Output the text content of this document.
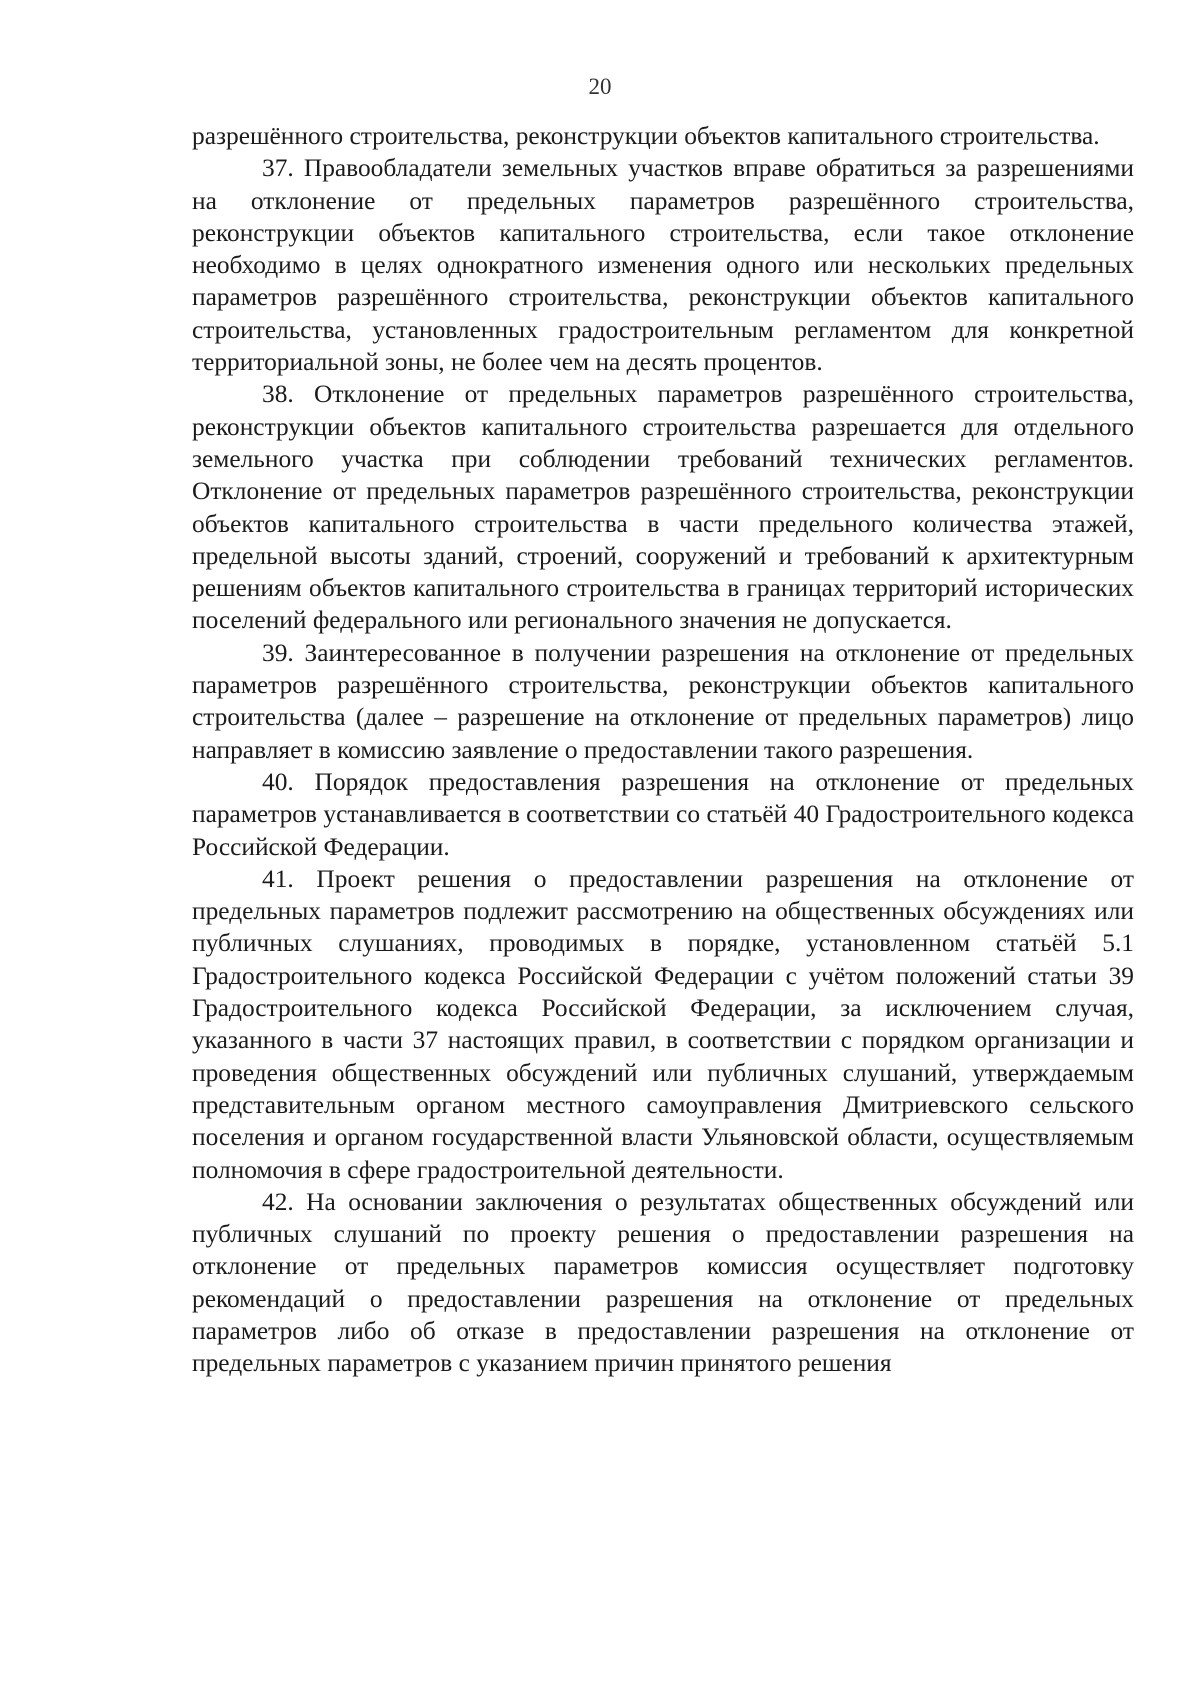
20

разрешённого строительства, реконструкции объектов капитального строительства.

37. Правообладатели земельных участков вправе обратиться за разрешениями на отклонение от предельных параметров разрешённого строительства, реконструкции объектов капитального строительства, если такое отклонение необходимо в целях однократного изменения одного или нескольких предельных параметров разрешённого строительства, реконструкции объектов капитального строительства, установленных градостроительным регламентом для конкретной территориальной зоны, не более чем на десять процентов.

38. Отклонение от предельных параметров разрешённого строительства, реконструкции объектов капитального строительства разрешается для отдельного земельного участка при соблюдении требований технических регламентов. Отклонение от предельных параметров разрешённого строительства, реконструкции объектов капитального строительства в части предельного количества этажей, предельной высоты зданий, строений, сооружений и требований к архитектурным решениям объектов капитального строительства в границах территорий исторических поселений федерального или регионального значения не допускается.

39. Заинтересованное в получении разрешения на отклонение от предельных параметров разрешённого строительства, реконструкции объектов капитального строительства (далее – разрешение на отклонение от предельных параметров) лицо направляет в комиссию заявление о предоставлении такого разрешения.

40. Порядок предоставления разрешения на отклонение от предельных параметров устанавливается в соответствии со статьёй 40 Градостроительного кодекса Российской Федерации.

41. Проект решения о предоставлении разрешения на отклонение от предельных параметров подлежит рассмотрению на общественных обсуждениях или публичных слушаниях, проводимых в порядке, установленном статьёй 5.1 Градостроительного кодекса Российской Федерации с учётом положений статьи 39 Градостроительного кодекса Российской Федерации, за исключением случая, указанного в части 37 настоящих правил, в соответствии с порядком организации и проведения общественных обсуждений или публичных слушаний, утверждаемым представительным органом местного самоуправления Дмитриевского сельского поселения и органом государственной власти Ульяновской области, осуществляемым полномочия в сфере градостроительной деятельности.

42. На основании заключения о результатах общественных обсуждений или публичных слушаний по проекту решения о предоставлении разрешения на отклонение от предельных параметров комиссия осуществляет подготовку рекомендаций о предоставлении разрешения на отклонение от предельных параметров либо об отказе в предоставлении разрешения на отклонение от предельных параметров с указанием причин принятого решения
